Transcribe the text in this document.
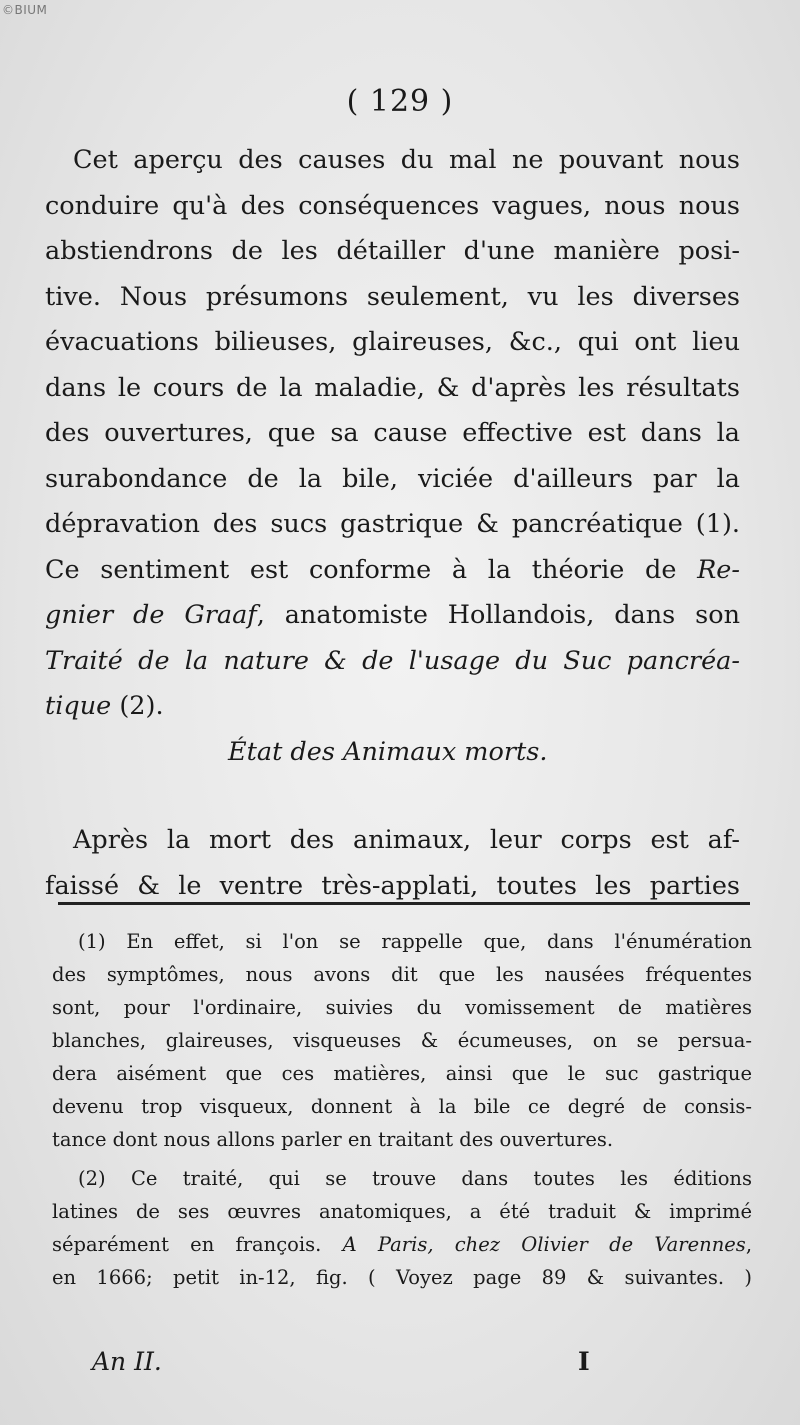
©BIUM
( 129 )
Cet aperçu des causes du mal ne pouvant nous
conduire qu'à des conséquences vagues, nous nous
abstiendrons de les détailler d'une manière posi-
tive. Nous présumons seulement, vu les diverses
évacuations bilieuses, glaireuses, &c., qui ont lieu
dans le cours de la maladie, & d'après les résultats
des ouvertures, que sa cause effective est dans la
surabondance de la bile, viciée d'ailleurs par la
dépravation des sucs gastrique & pancréatique (1).
Ce sentiment est conforme à la théorie de Re-
gnier de Graaf, anatomiste Hollandois, dans son
Traité de la nature & de l'usage du Suc pancréa-
tique (2).
État des Animaux morts.
Après la mort des animaux, leur corps est af-
faissé & le ventre très-applati, toutes les parties
(1) En effet, si l'on se rappelle que, dans l'énumération
des symptômes, nous avons dit que les nausées fréquentes
sont, pour l'ordinaire, suivies du vomissement de matières
blanches, glaireuses, visqueuses & écumeuses, on se persua-
dera aisément que ces matières, ainsi que le suc gastrique
devenu trop visqueux, donnent à la bile ce degré de consis-
tance dont nous allons parler en traitant des ouvertures.
(2) Ce traité, qui se trouve dans toutes les éditions
latines de ses œuvres anatomiques, a été traduit & imprimé
séparément en françois. A Paris, chez Olivier de Varennes,
en 1666; petit in-12, fig. ( Voyez page 89 & suivantes. )
An II.	I
